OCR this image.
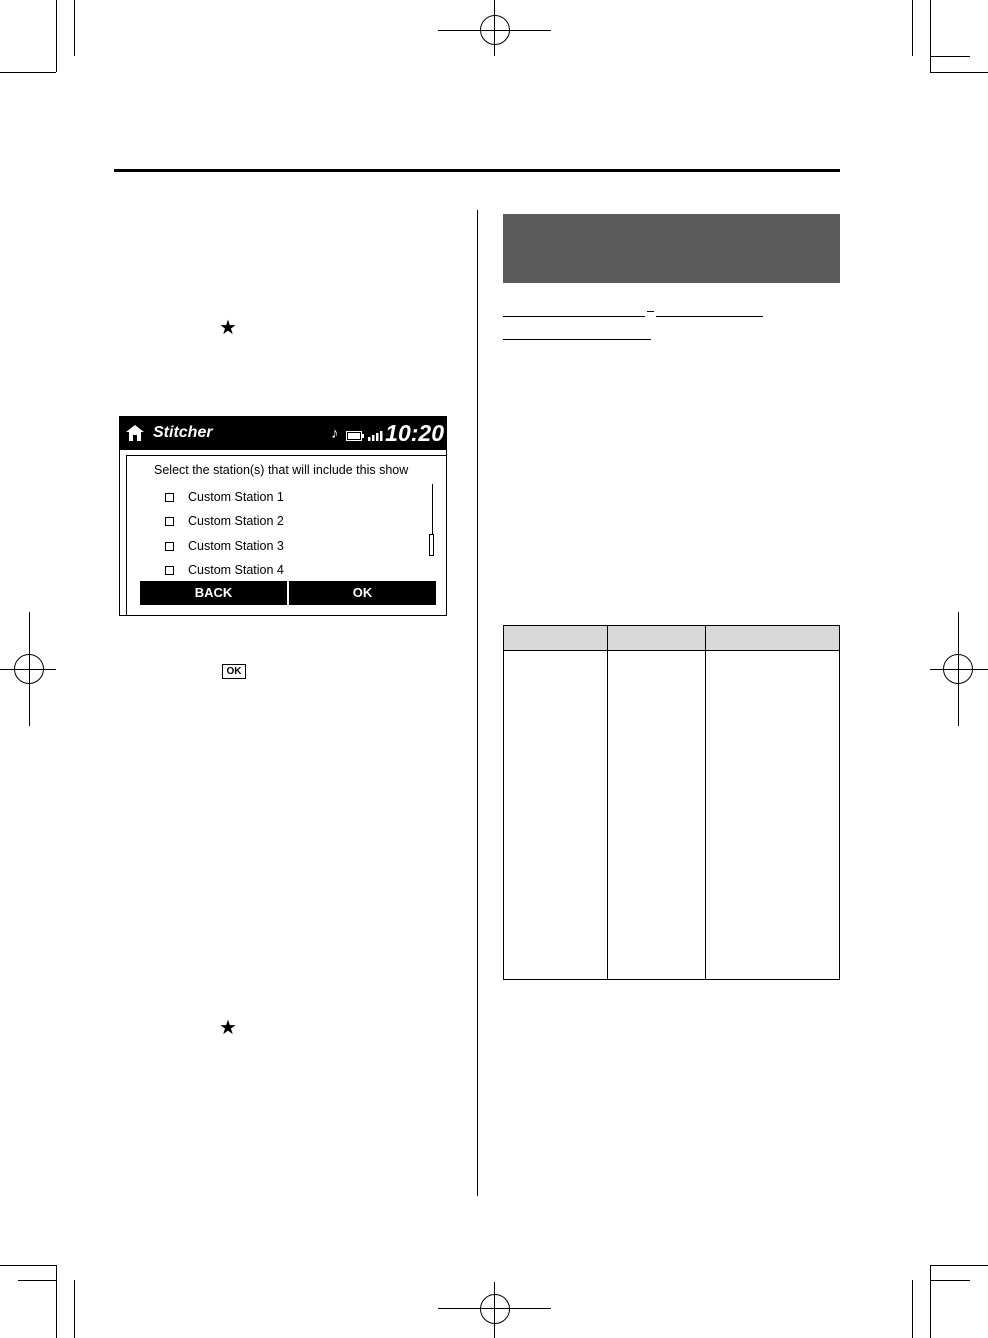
★
Stitcher	♪ 10:20
Select the station(s) that will include this show
Custom Station 1
Custom Station 2
Custom Station 3
Custom Station 4
BACK	OK
OK
★
